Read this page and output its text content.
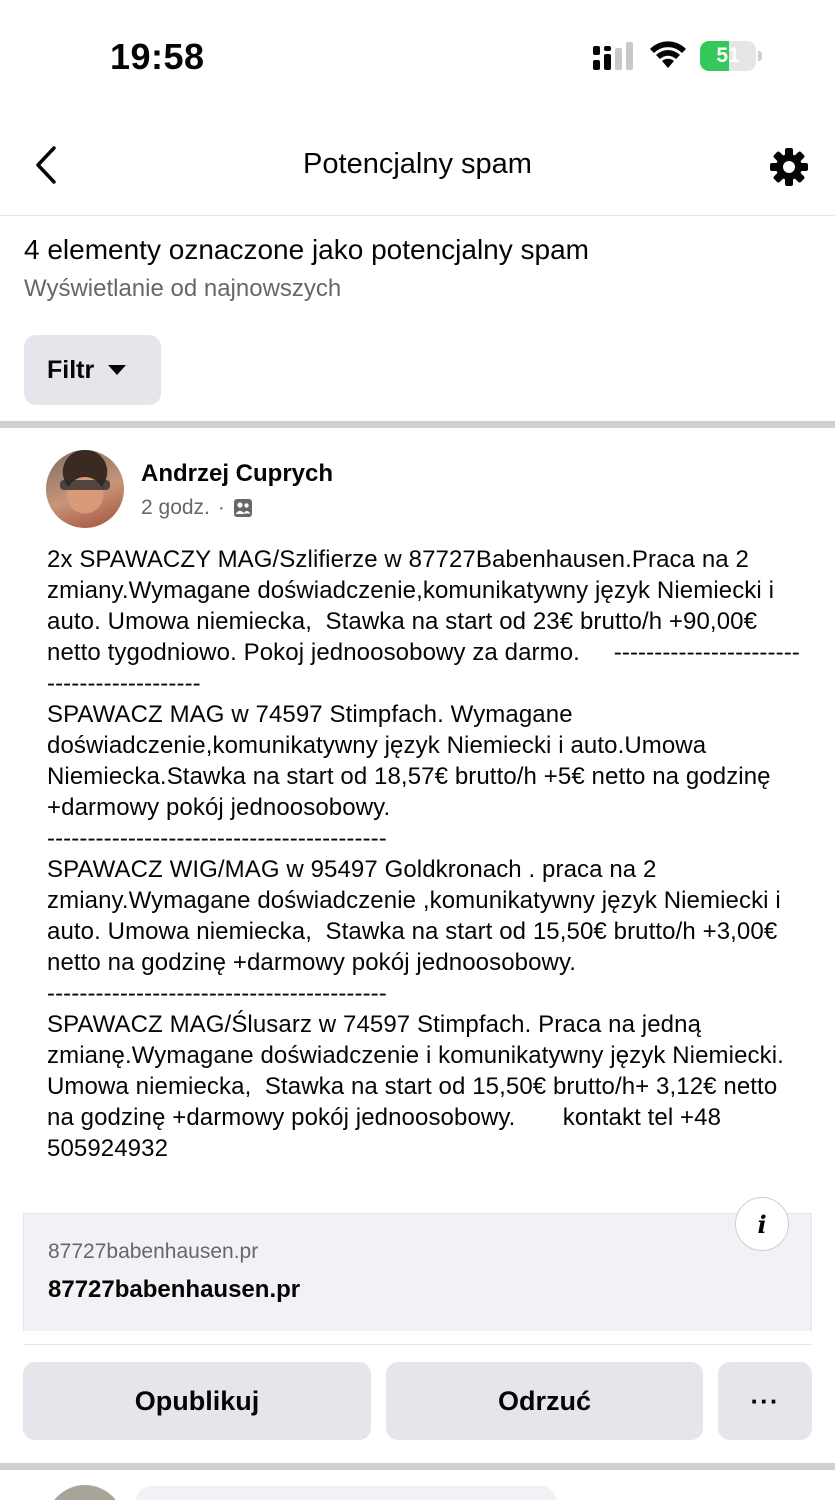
19:58	51
Potencjalny spam
4 elementy oznaczone jako potencjalny spam
Wyświetlanie od najnowszych
Filtr
Andrzej Cuprych
2 godz. ·
2x SPAWACZY MAG/Szlifierze w 87727Babenhausen.Praca na 2 zmiany.Wymagane doświadczenie,komunikatywny język Niemiecki i auto. Umowa niemiecka,  Stawka na start od 23€ brutto/h +90,00€ netto tygodniowo. Pokoj jednoosobowy za darmo.     ------------------------------------------
SPAWACZ MAG w 74597 Stimpfach. Wymagane doświadczenie,komunikatywny język Niemiecki i auto.Umowa Niemiecka.Stawka na start od 18,57€ brutto/h +5€ netto na godzinę +darmowy pokój jednoosobowy.
------------------------------------------
SPAWACZ WIG/MAG w 95497 Goldkronach . praca na 2 zmiany.Wymagane doświadczenie ,komunikatywny język Niemiecki i auto. Umowa niemiecka,  Stawka na start od 15,50€ brutto/h +3,00€ netto na godzinę +darmowy pokój jednoosobowy.
------------------------------------------
SPAWACZ MAG/Ślusarz w 74597 Stimpfach. Praca na jedną zmianę.Wymagane doświadczenie i komunikatywny język Niemiecki. Umowa niemiecka,  Stawka na start od 15,50€ brutto/h+ 3,12€ netto na godzinę +darmowy pokój jednoosobowy.       kontakt tel +48 505924932
87727babenhausen.pr
87727babenhausen.pr
i
Opublikuj	Odrzuć	···
